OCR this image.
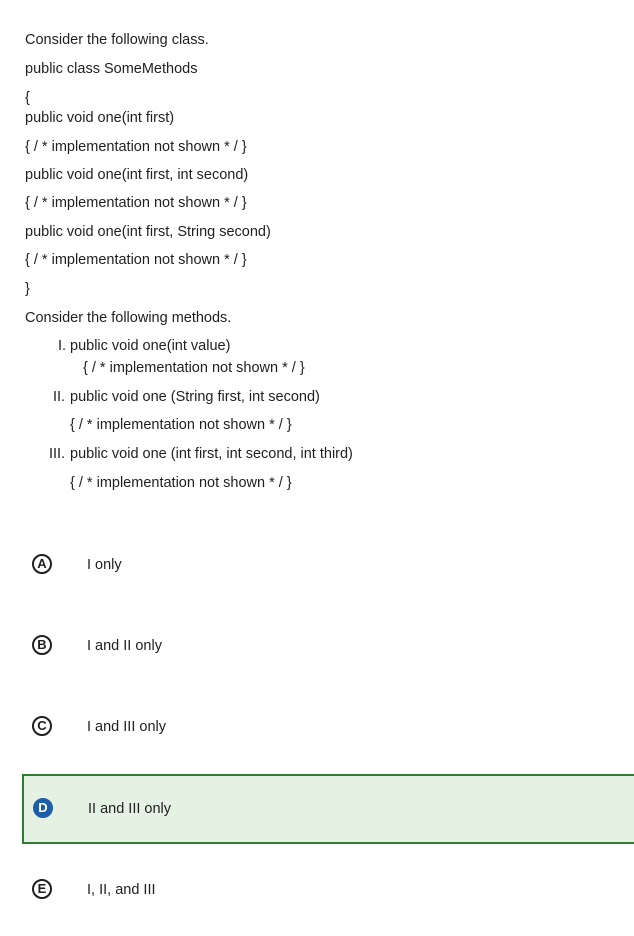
Consider the following class.
public class SomeMethods
{
public void one(int first)
{ / * implementation not shown * / }
public void one(int first, int second)
{ / * implementation not shown * / }
public void one(int first, String second)
{ / * implementation not shown * / }
}
Consider the following methods.
I. public void one(int value)
{ / * implementation not shown * / }
II. public void one (String first, int second)
{ / * implementation not shown * / }
III. public void one (int first, int second, int third)
{ / * implementation not shown * / }
A	I only
B	I and II only
C	I and III only
D	II and III only
E	I, II, and III
